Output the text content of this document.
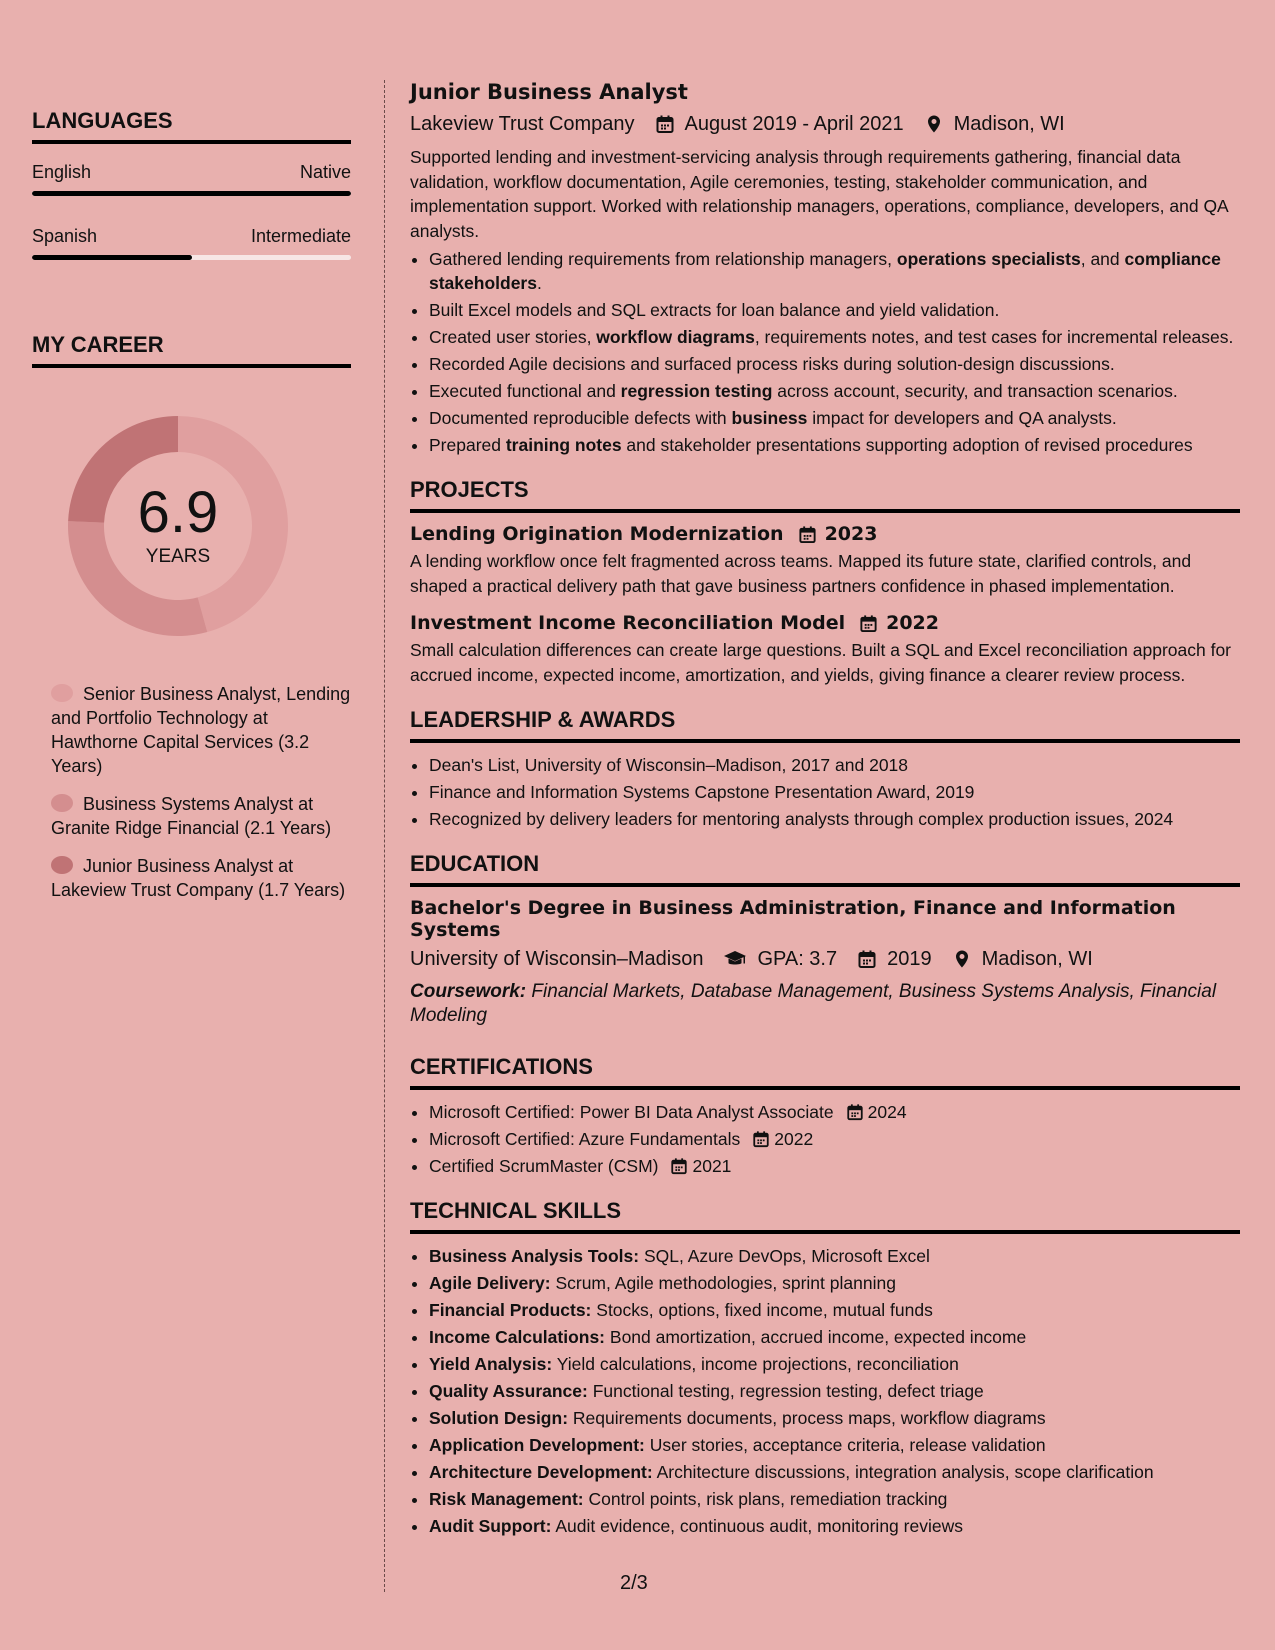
LANGUAGES
English	Native
Spanish	Intermediate
MY CAREER
6.9
YEARS
Senior Business Analyst, Lending and Portfolio Technology at Hawthorne Capital Services (3.2 Years)
Business Systems Analyst at Granite Ridge Financial (2.1 Years)
Junior Business Analyst at Lakeview Trust Company (1.7 Years)
Junior Business Analyst
Lakeview Trust Company	August 2019 - April 2021	Madison, WI

Supported lending and investment-servicing analysis through requirements gathering, financial data validation, workflow documentation, Agile ceremonies, testing, stakeholder communication, and implementation support. Worked with relationship managers, operations, compliance, developers, and QA analysts.

• Gathered lending requirements from relationship managers, operations specialists, and compliance stakeholders.
• Built Excel models and SQL extracts for loan balance and yield validation.
• Created user stories, workflow diagrams, requirements notes, and test cases for incremental releases.
• Recorded Agile decisions and surfaced process risks during solution-design discussions.
• Executed functional and regression testing across account, security, and transaction scenarios.
• Documented reproducible defects with business impact for developers and QA analysts.
• Prepared training notes and stakeholder presentations supporting adoption of revised procedures
PROJECTS
Lending Origination Modernization 2023

A lending workflow once felt fragmented across teams. Mapped its future state, clarified controls, and shaped a practical delivery path that gave business partners confidence in phased implementation.

Investment Income Reconciliation Model 2022

Small calculation differences can create large questions. Built a SQL and Excel reconciliation approach for accrued income, expected income, amortization, and yields, giving finance a clearer review process.

LEADERSHIP & AWARDS
• Dean's List, University of Wisconsin–Madison, 2017 and 2018
• Finance and Information Systems Capstone Presentation Award, 2019
• Recognized by delivery leaders for mentoring analysts through complex production issues, 2024
EDUCATION
Bachelor's Degree in Business Administration, Finance and Information Systems
University of Wisconsin–Madison	GPA: 3.7	2019	Madison, WI
Coursework: Financial Markets, Database Management, Business Systems Analysis, Financial Modeling
CERTIFICATIONS
• Microsoft Certified: Power BI Data Analyst Associate 2024
• Microsoft Certified: Azure Fundamentals 2022
• Certified ScrumMaster (CSM) 2021
TECHNICAL SKILLS
• Business Analysis Tools: SQL, Azure DevOps, Microsoft Excel
• Agile Delivery: Scrum, Agile methodologies, sprint planning
• Financial Products: Stocks, options, fixed income, mutual funds
• Income Calculations: Bond amortization, accrued income, expected income
• Yield Analysis: Yield calculations, income projections, reconciliation
• Quality Assurance: Functional testing, regression testing, defect triage
• Solution Design: Requirements documents, process maps, workflow diagrams
• Application Development: User stories, acceptance criteria, release validation
• Architecture Development: Architecture discussions, integration analysis, scope clarification
• Risk Management: Control points, risk plans, remediation tracking
• Audit Support: Audit evidence, continuous audit, monitoring reviews
2/3
